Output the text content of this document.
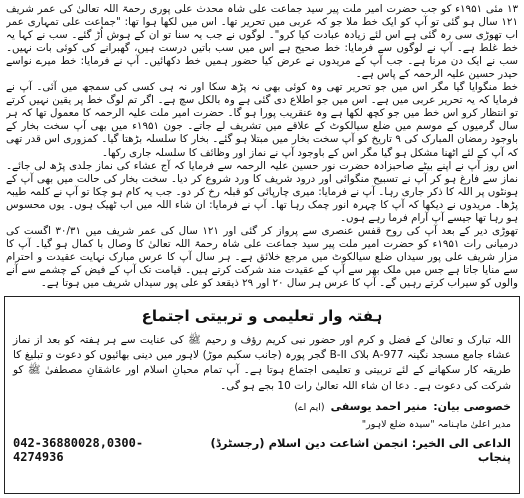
۱۳ مئی ۱۹۵۱ء کو جب حضرت امیر ملت پیر سید جماعت علی شاہ محدث علی پوری رحمۃ اللہ تعالیٰ کی عمر شریف ۱۲۱ سال ہو گئی تو آپ کو ایک خط ملا جو کہ عربی میں تحریر تھا۔ اس میں لکھا ہوا تھا: "جماعت علی تمہاری عمر اب تھوڑی سی رہ گئی ہے اس لئے زیادہ عبادت کیا کرو"۔ لوگوں نے جب یہ سنا تو ان کے ہوش اُڑ گئے۔ سب نے کہا یہ خط غلط ہے۔ آپ نے لوگوں سے فرمایا: خط صحیح ہے اس میں سب باتیں درست ہیں، گھبرانے کی کوئی بات نہیں۔ سب نے ایک دن مرنا ہے۔ جب آپ کے مریدوں نے عرض کیا حضور ہمیں خط دکھائیں۔ آپ نے فرمایا: خط میرے نواسے حیدر حسین علیہ الرحمہ کے پاس ہے۔

خط منگوایا گیا مگر اس میں جو تحریر تھی وہ کوئی بھی نہ پڑھ سکا اور نہ ہی کسی کی سمجھ میں آئی۔ آپ نے فرمایا کہ یہ تحریر عربی میں ہے۔ اس میں جو اطلاع دی گئی ہے وہ بالکل سچ ہے۔ اگر تم لوگ خط پر یقین نہیں کرتے تو انتظار کرو اس خط میں جو کچھ لکھا ہے وہ عنقریب پورا ہو گا۔ حضرت امیر ملت علیہ الرحمہ کا معمول تھا کہ ہر سال گرمیوں کے موسم میں ضلع سیالکوٹ کے علاقے میں تشریف لے جاتے۔ جون ۱۹۵۱ء میں بھی آپ سخت بخار کے باوجود رمضان المبارک کی ۹ تاریخ کو آپ سخت بخار میں مبتلا ہو گئے۔ بخار کا سلسلہ بڑھتا گیا۔ کمزوری اس قدر تھی کہ آپ کے لئے اٹھنا مشکل ہو گیا مگر اس کے باوجود آپ نے نماز اور وظائف کا سلسلہ جاری رکھا۔

اس روز آپ نے اپنے بیٹے صاحبزادہ حضرت نور حسین علیہ الرحمہ سے فرمایا کہ آج عشاء کی نماز جلدی پڑھ لی جائے۔ نماز سے فارغ ہو کر آپ نے تسبیح منگوائی اور درود شریف کا ورد شروع کر دیا۔ سخت بخار کی حالت میں بھی آپ کے ہونٹوں پر اللہ کا ذکر جاری رہا۔ آپ نے فرمایا: میری چارپائی کو قبلہ رخ کر دو۔ جب یہ کام ہو چکا تو آپ نے کلمہ طیبہ پڑھا۔ مریدوں نے دیکھا کہ آپ کا چہرہ انور چمک رہا تھا۔ آپ نے فرمایا: ان شاء اللہ میں اب ٹھیک ہوں۔ یوں محسوس ہو رہا تھا جیسے آپ آرام فرما رہے ہوں۔

تھوڑی دیر کے بعد آپ کی روح قفس عنصری سے پرواز کر گئی اور ۱۲۱ سال کی عمر شریف میں ۳۰/۳۱ اگست کی درمیانی رات ۱۹۵۱ء کو حضرت امیر ملت پیر سید جماعت علی شاہ رحمۃ اللہ تعالیٰ کا وصال با کمال ہو گیا۔ آپ کا مزار شریف علی پور سیداں ضلع سیالکوٹ میں مرجع خلائق ہے۔ ہر سال آپ کا عرس مبارک نہایت عقیدت و احترام سے منایا جاتا ہے جس میں ملک بھر سے آپ کے عقیدت مند شرکت کرتے ہیں۔ قیامت تک آپ کے فیض کے چشمے سے آنے والوں کو سیراب کرتے رہیں گے۔ آپ کا عرس ہر سال ۲۰ اور ۲۹ ذیقعد کو علی پور سیداں شریف میں ہوتا ہے۔

ہفتہ وار تعلیمی و تربیتی اجتماع

اللہ تبارک و تعالیٰ کے فضل و کرم اور حضور نبی کریم رؤف و رحیم ﷺ کی عنایت سے ہر ہفتہ کو بعد از نماز عشاء جامع مسجد نگینہ 977-A بلاک B-II گجر پورہ (جانب سکیم موڑ) لاہور میں دینی بھائیوں کو دعوت و تبلیغ کا طریقہ کار سکھانے کے لئے تربیتی و تعلیمی اجتماع ہوتا ہے۔ آپ تمام محبانِ اسلام اور عاشقانِ مصطفیٰ ﷺ کو شرکت کی دعوت ہے۔ دعا ان شاء اللہ تعالیٰ رات 10 بجے ہو گی۔

خصوصی بیان:
منیر احمد یوسفی
(ایم اے)
مدیر اعلیٰ ماہنامہ "سیدہ ضلع لاہور"
الداعی الی الخیر: انجمن اشاعت دین اسلام (رجسٹرڈ) پنجاب
042-36880028,0300-4274936
